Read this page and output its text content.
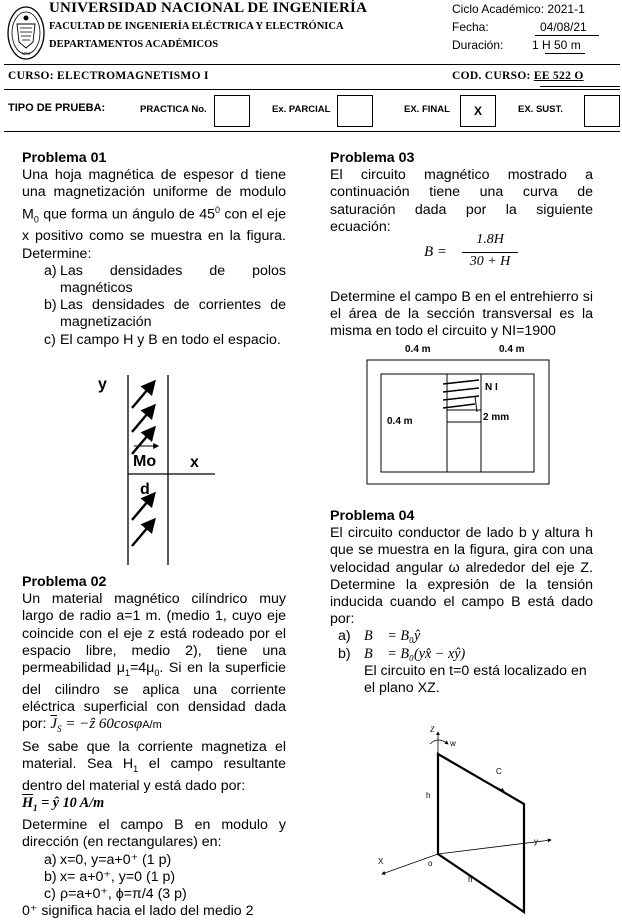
UNI
UNIVERSIDAD NACIONAL DE INGENIERÍA
FACULTAD DE INGENIERÍA ELÉCTRICA Y ELECTRÓNICA
DEPARTAMENTOS ACADÉMICOS
Ciclo Académico: 2021-1
Fecha:	04/08/21
Duración: 1 H 50 m
CURSO: ELECTROMAGNETISMO I	COD. CURSO: EE 522 O
TIPO DE PRUEBA:	PRACTICA No.	Ex. PARCIAL	EX. FINAL	X	EX. SUST.

Problema 01

Una hoja magnética de espesor d tiene una magnetización uniforme de modulo $M_0$ que forma un ángulo de $45^0$ con el eje x positivo como se muestra en la figura. Determine:

a) Las densidades de polos magnéticos
b) Las densidades de corrientes de magnetización
c) El campo H y B en todo el espacio.
y
x
Mo
d

Problema 02

Un material magnético cilíndrico muy largo de radio a=1 m. (medio 1, cuyo eje coincide con el eje z está rodeado por el espacio libre, medio 2), tiene una permeabilidad $\mu_1=4\mu_0$. Si en la superficie del cilindro se aplica una corriente eléctrica superficial con densidad dada por: $\overline{J}_S$ = −ẑ 60cosφA/m

Se sabe que la corriente magnetiza el material. Sea $H_1$ el campo resultante dentro del material y está dado por:

$\overline{H}_1$ = ŷ 10 A/m

Determine el campo B en modulo y dirección (en rectangulares) en:

a) x=0, y=a+0⁺ (1 p)
b) x= a+0⁺, y=0 (1 p)
c) ρ=a+0⁺, ϕ=π/4 (3 p)

0⁺ significa hacia el lado del medio 2

Problema 03

El circuito magnético mostrado a continuación tiene una curva de saturación dada por la siguiente ecuación:

B =
1.8H
30 + H

Determine el campo B en el entrehierro si el área de la sección transversal es la misma en todo el circuito y NI=1900

0.4 m	0.4 m
N I
2 mm
0.4 m

Problema 04

El circuito conductor de lado b y altura h que se muestra en la figura, gira con una velocidad angular ω alrededor del eje Z. Determine la expresión de la tensión inducida cuando el campo B está dado por:

a) B⃗ = B₀ŷ
b) B⃗ = B₀(yx̂ − xŷ)

El circuito en t=0 está localizado en el plano XZ.

Z
w
C
h
y
X	o
h
